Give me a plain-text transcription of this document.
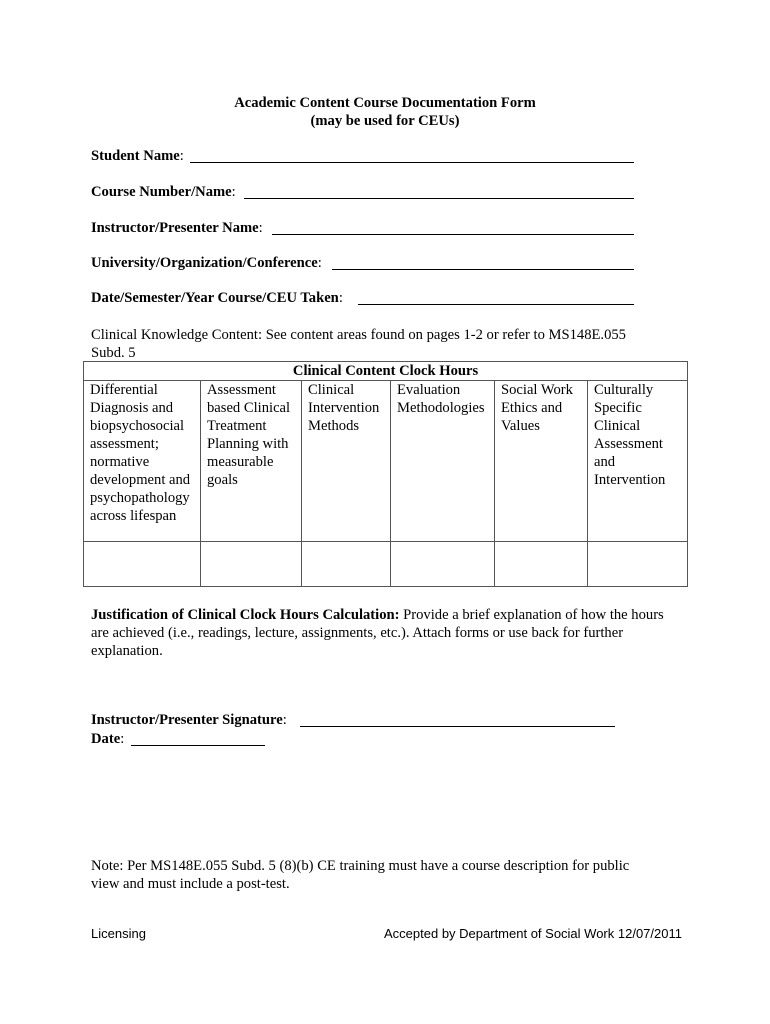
Academic Content Course Documentation Form
(may be used for CEUs)
Student Name:
Course Number/Name:
Instructor/Presenter Name:
University/Organization/Conference:
Date/Semester/Year Course/CEU Taken:
Clinical Knowledge Content: See content areas found on pages 1-2 or refer to MS148E.055 Subd. 5
Clinical Content Clock Hours					
Differential Diagnosis and biopsychosocial assessment; normative development and psychopathology across lifespan	Assessment based Clinical Treatment Planning with measurable goals	Clinical Intervention Methods	Evaluation Methodologies	Social Work Ethics and Values	Culturally Specific Clinical Assessment and Intervention

Justification of Clinical Clock Hours Calculation: Provide a brief explanation of how the hours are achieved (i.e., readings, lecture, assignments, etc.). Attach forms or use back for further explanation.
Instructor/Presenter Signature:
Date:
Note: Per MS148E.055 Subd. 5 (8)(b) CE training must have a course description for public view and must include a post-test.
Licensing	Accepted by Department of Social Work 12/07/2011
